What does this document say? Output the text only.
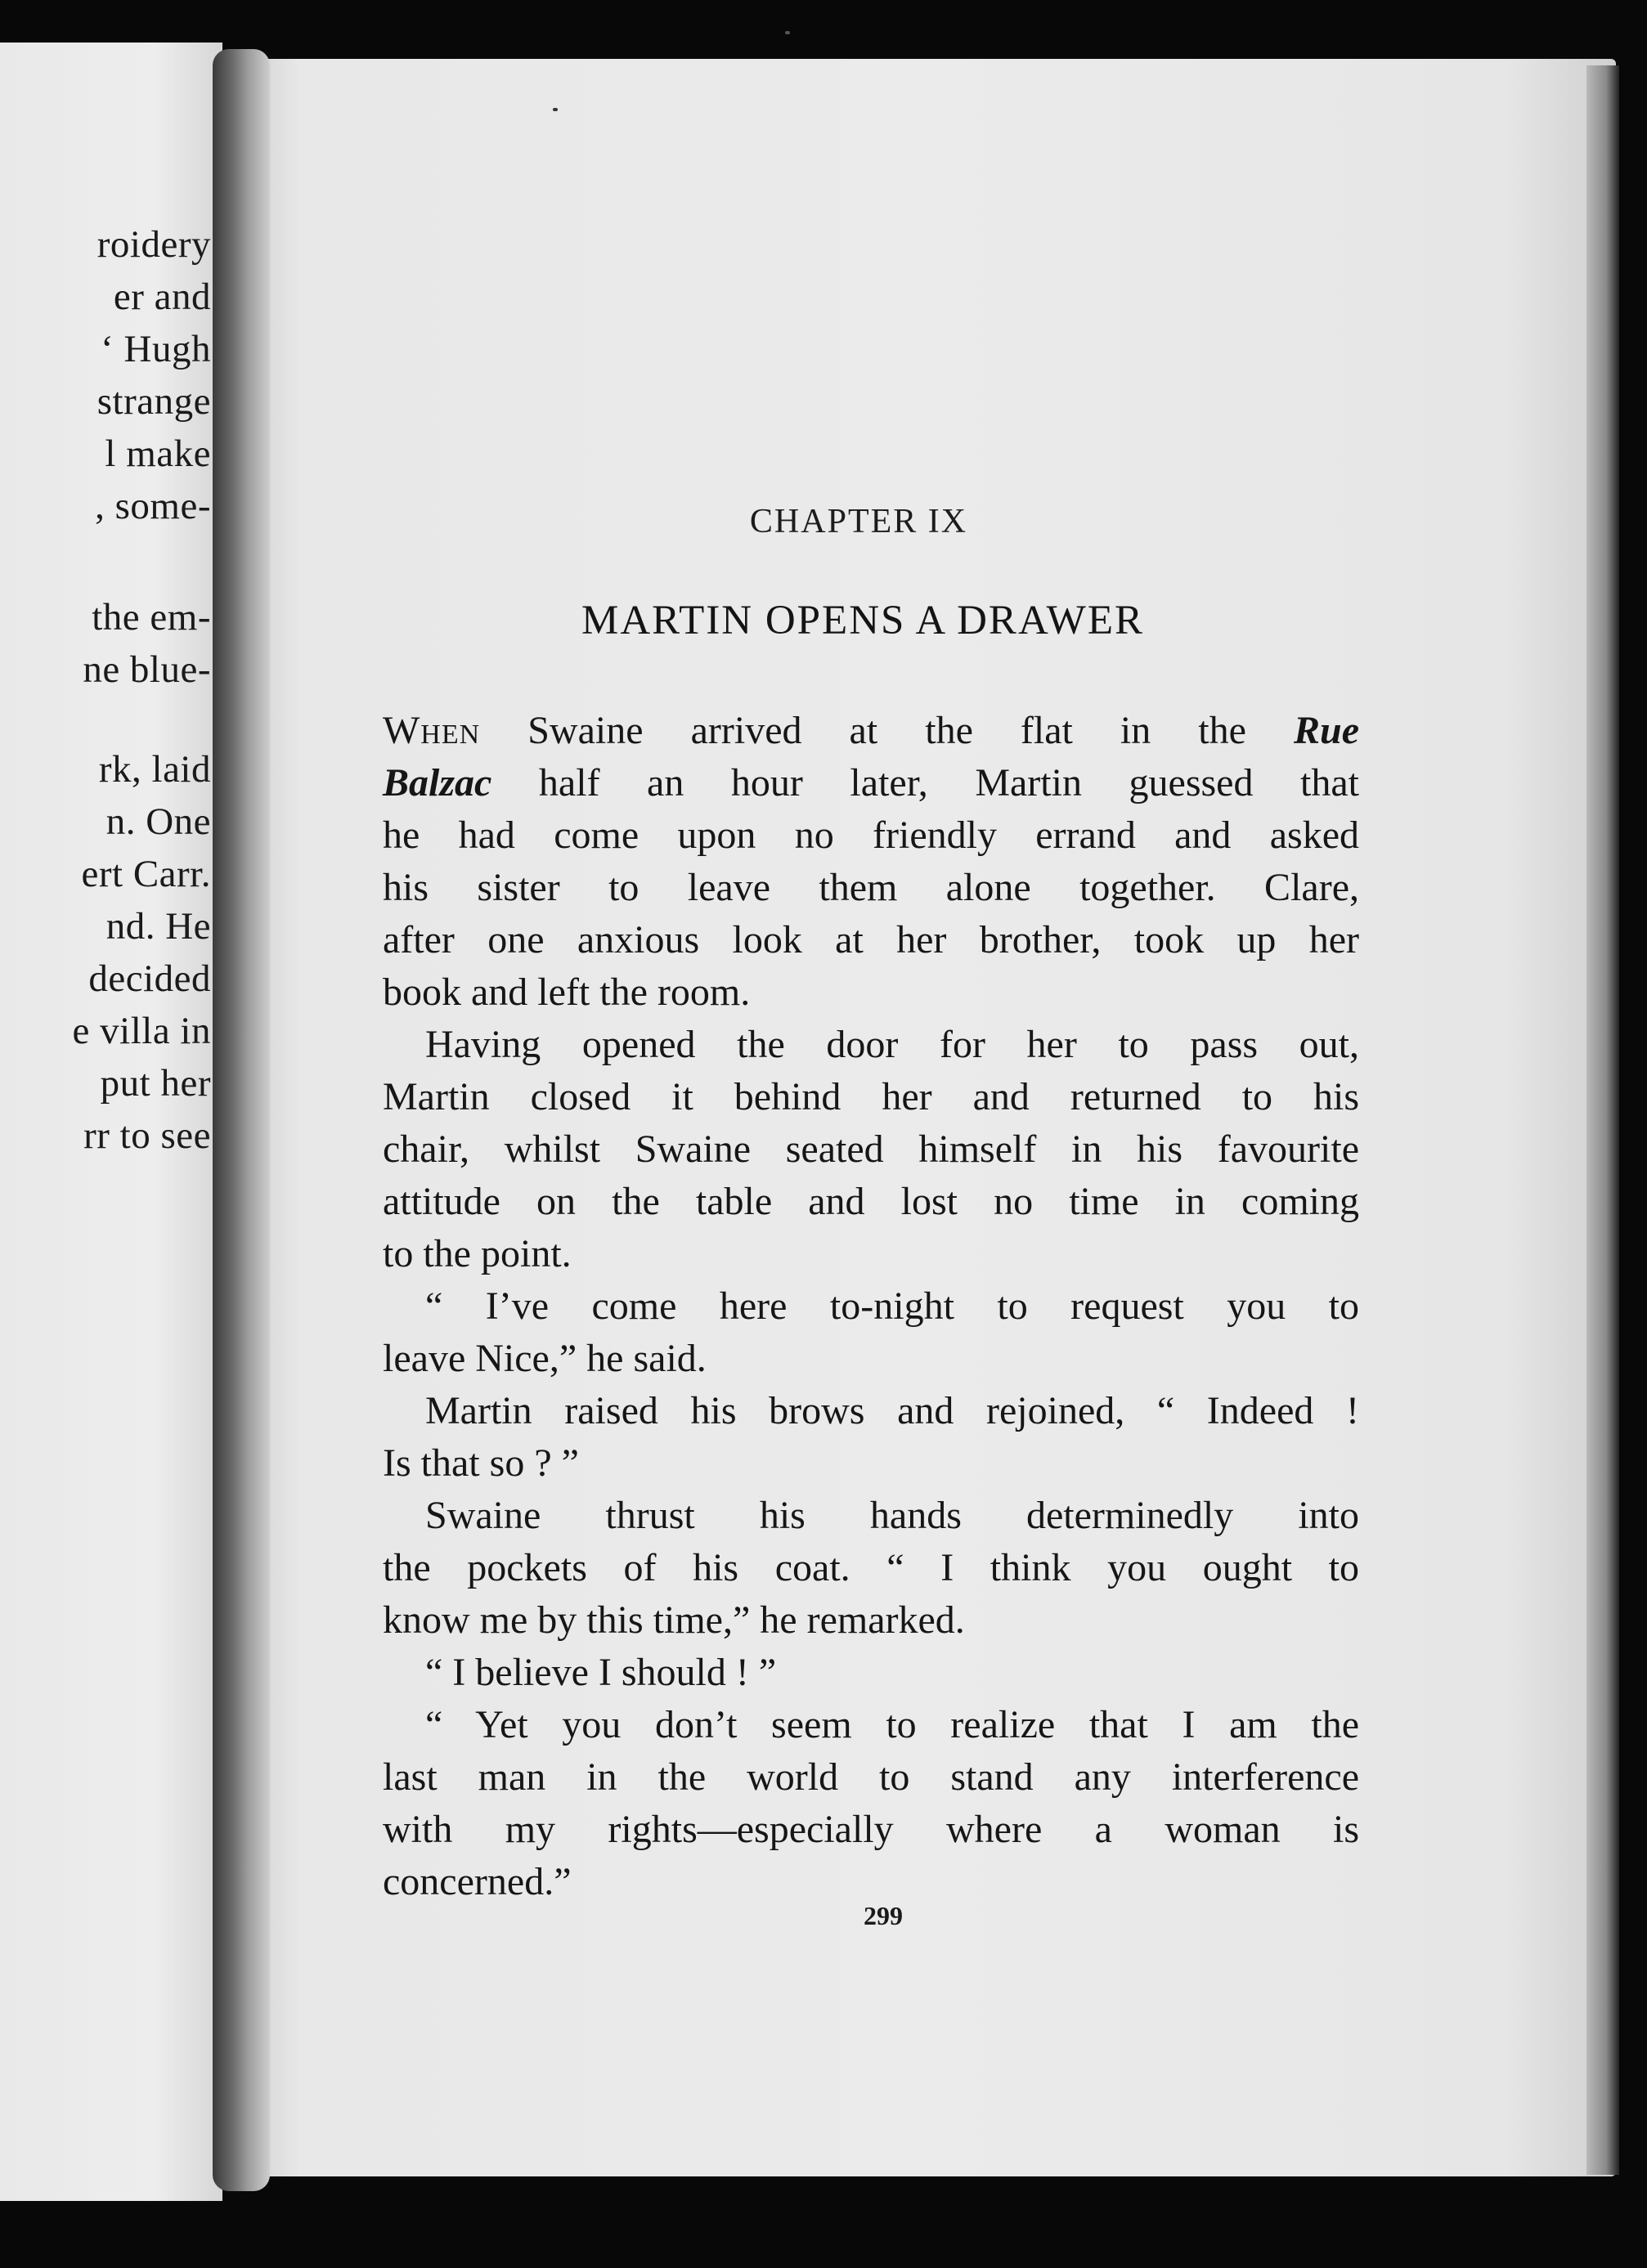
roidery
er and
‘ Hugh
strange
l make
, some-
the em-
ne blue-
rk, laid
n. One
ert Carr.
nd. He
decided
e villa in
put her
rr to see
CHAPTER IX
MARTIN OPENS A DRAWER
When Swaine arrived at the flat in the Rue
Balzac half an hour later, Martin guessed that
he had come upon no friendly errand and asked
his sister to leave them alone together. Clare,
after one anxious look at her brother, took up her
book and left the room.
Having opened the door for her to pass out,
Martin closed it behind her and returned to his
chair, whilst Swaine seated himself in his favourite
attitude on the table and lost no time in coming
to the point.
“ I’ve come here to-night to request you to
leave Nice,” he said.
Martin raised his brows and rejoined, “ Indeed !
Is that so ? ”
Swaine thrust his hands determinedly into
the pockets of his coat. “ I think you ought to
know me by this time,” he remarked.
“ I believe I should ! ”
“ Yet you don’t seem to realize that I am the
last man in the world to stand any interference
with my rights—especially where a woman is
concerned.”
299
